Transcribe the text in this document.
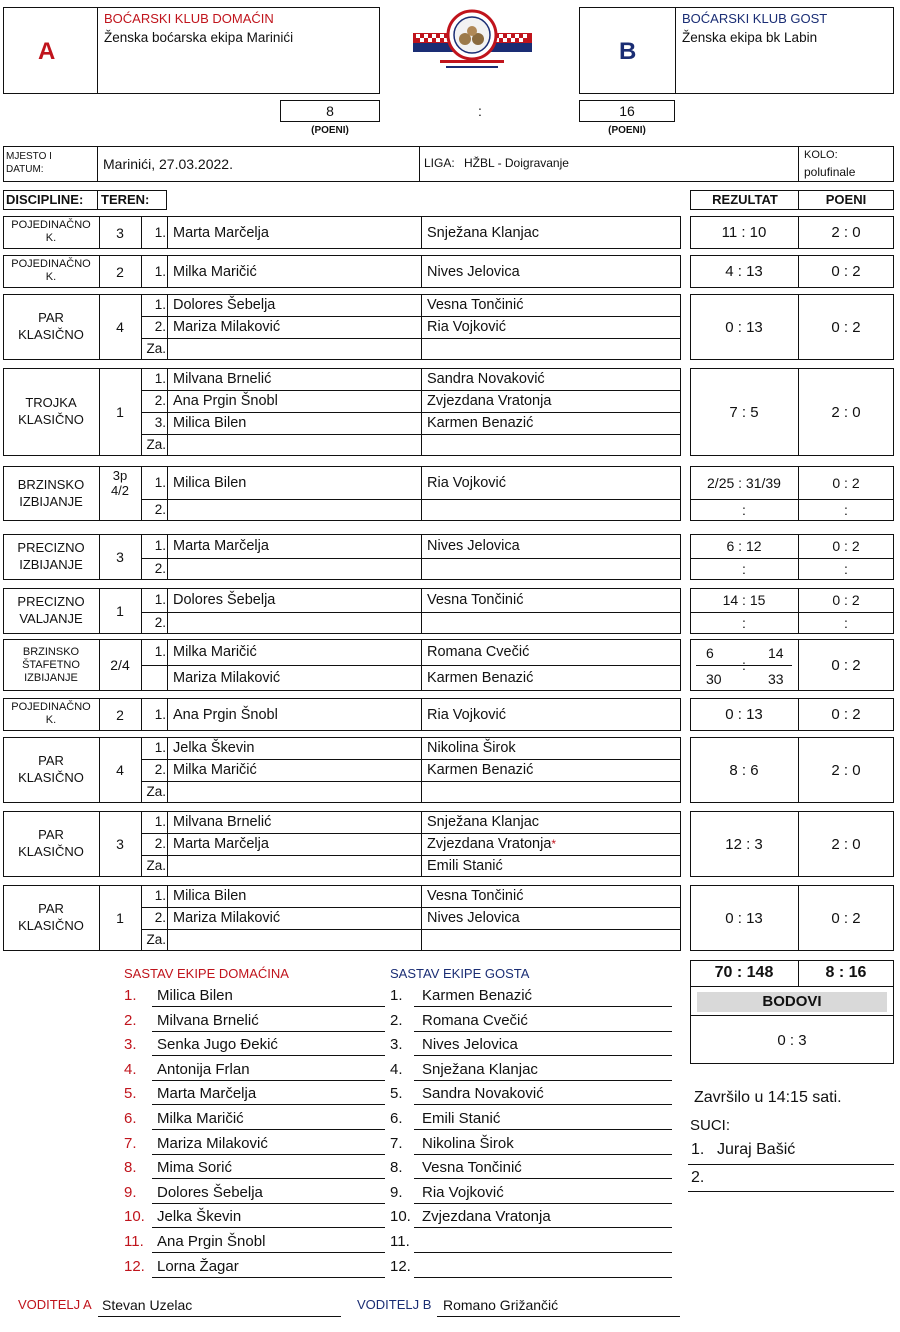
A
BOĆARSKI KLUB DOMAĆIN
Ženska boćarska ekipa Marinići
B
BOĆARSKI KLUB GOST
Ženska ekipa bk Labin
8
(POENI)
:	16
(POENI)
MJESTO I
DATUM:	Marinići, 27.03.2022.	LIGA: HŽBL - Doigravanje
KOLO:
polufinale
DISCIPLINE: TEREN:	REZULTAT	POENI
POJEDINAČNO
K.	3	1. Marta Marčelja	Snježana Klanjac	11 : 10	2 : 0
POJEDINAČNO
K.	2	1. Milka Maričić	Nives Jelovica	4 : 13	0 : 2
PAR
KLASIČNO	4
1. Dolores Šebelja	Vesna Tončinić
2. Mariza Milaković	Ria Vojković
Za.
0 : 13	0 : 2
TROJKA
KLASIČNO	1
1. Milvana Brnelić	Sandra Novaković
2. Ana Prgin Šnobl	Zvjezdana Vratonja
3. Milica Bilen	Karmen Benazić
Za.
7 : 5	2 : 0
BRZINSKO
IZBIJANJE
3p
4/2
1. Milica Bilen	Ria Vojković	2/25 : 31/39	0 : 2
2.	:	:
PRECIZNO
IZBIJANJE	3
1. Marta Marčelja	Nives Jelovica	6 : 12	0 : 2
2.	:	:
PRECIZNO
VALJANJE	1
1. Dolores Šebelja	Vesna Tončinić	14 : 15	0 : 2
2.	:	:
BRZINSKO
ŠTAFETNO
IZBIJANJE
2/4
1. Milka Maričić	Romana Cvečić
Mariza Milaković	Karmen Benazić
6	14
30	33
:	0 : 2
POJEDINAČNO
K.	2	1. Ana Prgin Šnobl	Ria Vojković	0 : 13	0 : 2
PAR
KLASIČNO	4
1. Jelka Škevin	Nikolina Širok
2. Milka Maričić	Karmen Benazić
Za.
8 : 6	2 : 0
PAR
KLASIČNO	3
1. Milvana Brnelić	Snježana Klanjac
2. Marta Marčelja	Zvjezdana Vratonja*
Za.	Emili Stanić
12 : 3	2 : 0
PAR
KLASIČNO	1
1. Milica Bilen	Vesna Tončinić
2. Mariza Milaković	Nives Jelovica
Za.
0 : 13	0 : 2
SASTAV EKIPE DOMAĆINA	SASTAV EKIPE GOSTA
1. Milica Bilen	1. Karmen Benazić
2. Milvana Brnelić	2. Romana Cvečić
3. Senka Jugo Đekić	3. Nives Jelovica
4. Antonija Frlan	4. Snježana Klanjac
5. Marta Marčelja	5. Sandra Novaković
6. Milka Maričić	6. Emili Stanić
7. Mariza Milaković	7. Nikolina Širok
8. Mima Sorić	8. Vesna Tončinić
9. Dolores Šebelja	9. Ria Vojković
10. Jelka Škevin	10. Zvjezdana Vratonja
11. Ana Prgin Šnobl	11.
12. Lorna Žagar	12.
70 : 148	8 : 16
BODOVI
0 : 3
Završilo u 14:15 sati.
SUCI:
1. Juraj Bašić
2.
VODITELJ A Stevan Uzelac	VODITELJ B Romano Grižančić
